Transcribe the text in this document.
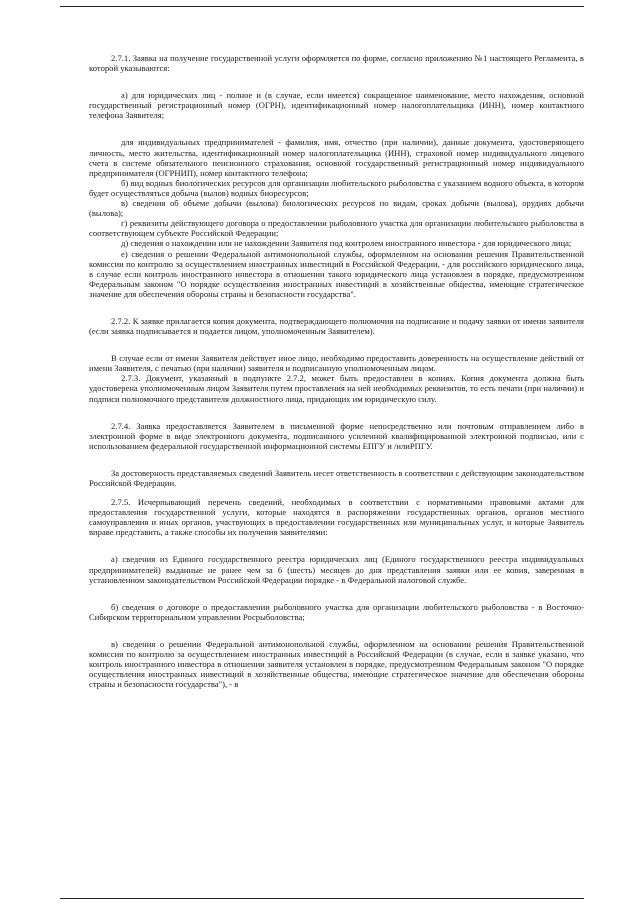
2.7.1. Заявка на получение государственной услуги оформляется по форме, согласно приложению №1 настоящего Регламента, в которой указываются:

а) для юридических лиц - полное и (в случае, если имеется) сокращенное наименование, место нахождения, основной государственный регистрационный номер (ОГРН), идентификационный номер налогоплательщика (ИНН), номер контактного телефона Заявителя;

для индивидуальных предпринимателей - фамилия, имя, отчество (при наличии), данные документа, удостоверяющего личность, место жительства, идентификационный номер налогоплательщика (ИНН), страховой номер индивидуального лицевого счета в системе обязательного пенсионного страхования, основной государственный регистрационный номер индивидуального предпринимателя (ОГРНИП), номер контактного телефона;

б) вид водных биологических ресурсов для организации любительского рыболовства с указанием водного объекта, в котором будет осуществляться добыча (вылов) водных биоресурсов;

в) сведения об объеме добычи (вылова) биологических ресурсов по видам, сроках добычи (вылова), орудиях добычи (вылова);

г) реквизиты действующего договора о предоставлении рыболовного участка для организации любительского рыболовства в соответствующем субъекте Российской Федерации;

д) сведения о нахождении или не нахождении Заявителя под контролем иностранного инвестора - для юридического лица;

е) сведения о решении Федеральной антимонопольной службы, оформленном на основании решения Правительственной комиссии по контролю за осуществлением иностранных инвестиций в Российской Федерации, - для российского юридического лица, в случае если контроль иностранного инвестора в отношении такого юридического лица установлен в порядке, предусмотренном Федеральным законом "О порядке осуществления иностранных инвестиций в хозяйственные общества, имеющие стратегическое значение для обеспечения обороны страны и безопасности государства".

2.7.2. К заявке прилагается копия документа, подтверждающего полномочия на подписание и подачу заявки от имени заявителя (если заявка подписывается и подается лицом, уполномоченным Заявителем).

В случае если от имени Заявителя действует иное лицо, необходимо предоставить доверенность на осуществление действий от имени Заявителя, с печатью (при наличии) заявителя и подписанную уполномоченным лицом.

2.7.3. Документ, указанный в подпункте 2.7.2, может быть предоставлен в копиях. Копия документа должна быть удостоверена уполномоченным лицом Заявителя путем проставления на ней необходимых реквизитов, то есть печати (при наличии) и подписи полномочного представителя должностного лица, придающих им юридическую силу.

2.7.4. Заявка предоставляется Заявителем в письменной форме непосредственно или почтовым отправлением либо в электронной форме в виде электронного документа, подписанного усиленной квалифицированной электронной подписью, или с использованием федеральной государственной информационной системы ЕПГУ и /илиРПГУ.

За достоверность представляемых сведений Заявитель несет ответственность в соответствии с действующим законодательством Российской Федерации.

2.7.5. Исчерпывающий перечень сведений, необходимых в соответствии с нормативными правовыми актами для предоставления государственной услуги, которые находятся в распоряжении государственных органов, органов местного самоуправления и иных органов, участвующих в предоставлении государственных или муниципальных услуг, и которые Заявитель вправе представить, а также способы их получения заявителями:

а) сведения из Единого государственного реестра юридических лиц (Единого государственного реестра индивидуальных предпринимателей) выданные не ранее чем за 6 (шесть) месяцев до дня представления заявки или ее копия, заверенная в установленном законодательством Российской Федерации порядке - в Федеральной налоговой службе.

б) сведения о договоре о предоставлении рыболовного участка для организации любительского рыболовства - в Восточно-Сибирском территориальном управлении Росрыболовства;

в) сведения о решении Федеральной антимонопольной службы, оформленном на основании решения Правительственной комиссии по контролю за осуществлением иностранных инвестиций в Российской Федерации (в случае, если в заявке указано, что контроль иностранного инвестора в отношении заявителя установлен в порядке, предусмотренном Федеральным законом "О порядке осуществления иностранных инвестиций в хозяйственные общества, имеющие стратегическое значение для обеспечения обороны страны и безопасности государства"), - в
